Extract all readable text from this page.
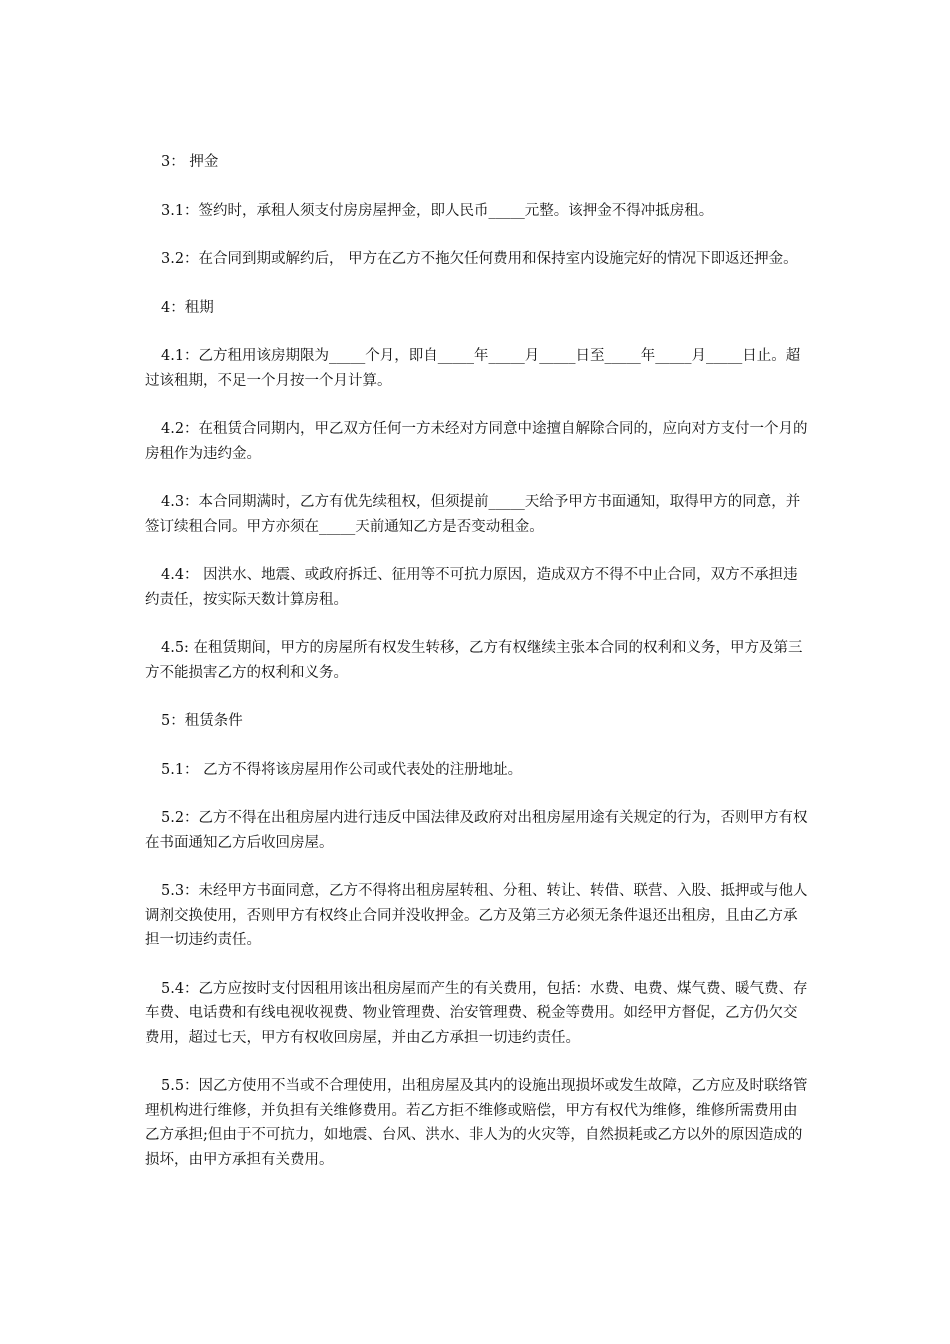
3： 押金

3.1：签约时，承租人须支付房房屋押金，即人民币_____元整。该押金不得冲抵房租。

3.2：在合同到期或解约后， 甲方在乙方不拖欠任何费用和保持室内设施完好的情况下即返还押金。

4：租期

4.1：乙方租用该房期限为_____个月，即自_____年_____月_____日至_____年_____月_____日止。超过该租期，不足一个月按一个月计算。

4.2：在租赁合同期内，甲乙双方任何一方未经对方同意中途擅自解除合同的，应向对方支付一个月的房租作为违约金。

4.3：本合同期满时，乙方有优先续租权，但须提前_____天给予甲方书面通知，取得甲方的同意，并签订续租合同。甲方亦须在_____天前通知乙方是否变动租金。

4.4： 因洪水、地震、或政府拆迁、征用等不可抗力原因，造成双方不得不中止合同，双方不承担违约责任，按实际天数计算房租。

4.5: 在租赁期间，甲方的房屋所有权发生转移，乙方有权继续主张本合同的权利和义务，甲方及第三方不能损害乙方的权利和义务。

5：租赁条件

5.1： 乙方不得将该房屋用作公司或代表处的注册地址。

5.2：乙方不得在出租房屋内进行违反中国法律及政府对出租房屋用途有关规定的行为，否则甲方有权在书面通知乙方后收回房屋。

5.3：未经甲方书面同意，乙方不得将出租房屋转租、分租、转让、转借、联营、入股、抵押或与他人调剂交换使用，否则甲方有权终止合同并没收押金。乙方及第三方必须无条件退还出租房，且由乙方承担一切违约责任。

5.4：乙方应按时支付因租用该出租房屋而产生的有关费用，包括：水费、电费、煤气费、暖气费、存车费、电话费和有线电视收视费、物业管理费、治安管理费、税金等费用。如经甲方督促，乙方仍欠交费用，超过七天，甲方有权收回房屋，并由乙方承担一切违约责任。

5.5：因乙方使用不当或不合理使用，出租房屋及其内的设施出现损坏或发生故障，乙方应及时联络管理机构进行维修，并负担有关维修费用。若乙方拒不维修或赔偿，甲方有权代为维修，维修所需费用由乙方承担;但由于不可抗力，如地震、台风、洪水、非人为的火灾等，自然损耗或乙方以外的原因造成的损坏，由甲方承担有关费用。
